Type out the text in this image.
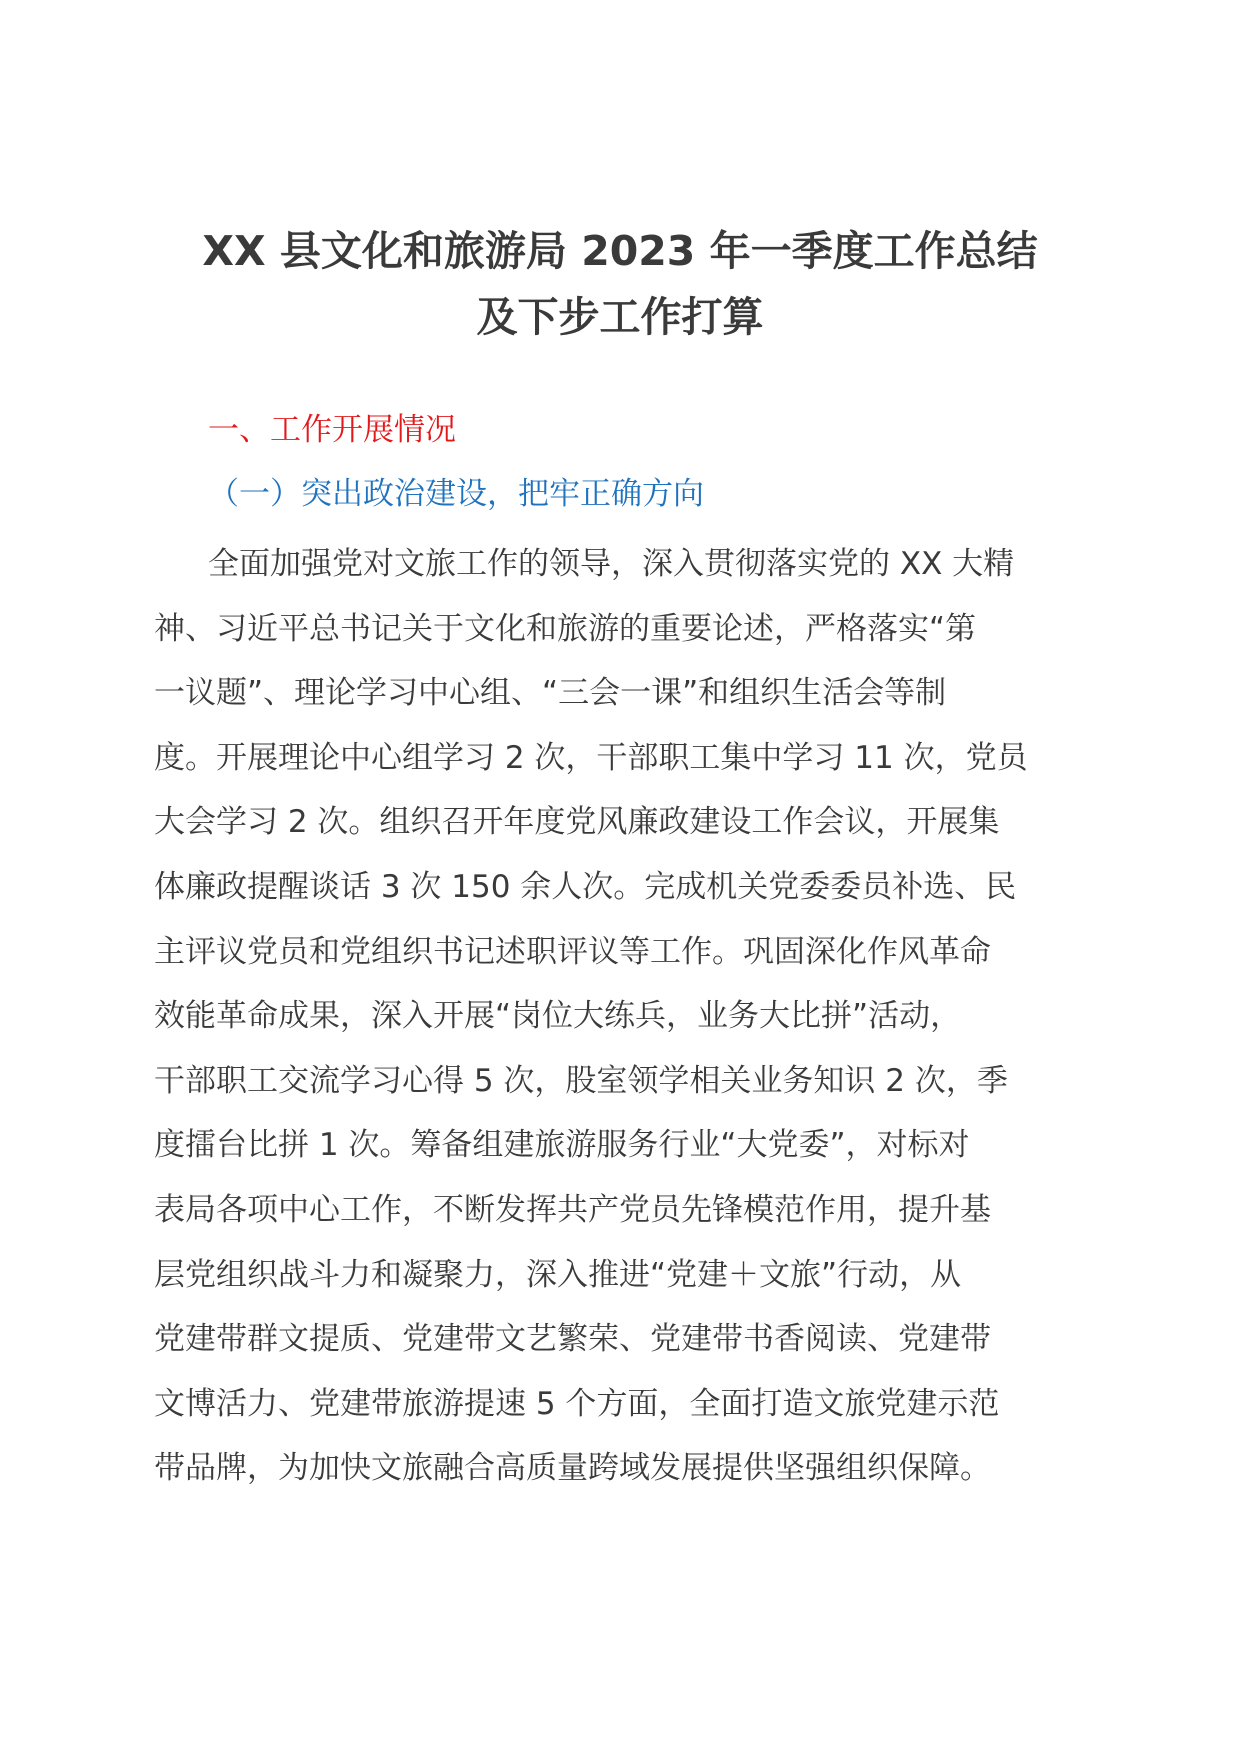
XX 县文化和旅游局 2023 年一季度工作总结
及下步工作打算

一、工作开展情况

（一）突出政治建设，把牢正确方向

全面加强党对文旅工作的领导，深入贯彻落实党的 XX 大精
神、习近平总书记关于文化和旅游的重要论述，严格落实“第
一议题”、理论学习中心组、“三会一课”和组织生活会等制
度。开展理论中心组学习 2 次，干部职工集中学习 11 次，党员
大会学习 2 次。组织召开年度党风廉政建设工作会议，开展集
体廉政提醒谈话 3 次 150 余人次。完成机关党委委员补选、民
主评议党员和党组织书记述职评议等工作。巩固深化作风革命
效能革命成果，深入开展“岗位大练兵，业务大比拼”活动，
干部职工交流学习心得 5 次，股室领学相关业务知识 2 次，季
度擂台比拼 1 次。筹备组建旅游服务行业“大党委”，对标对
表局各项中心工作，不断发挥共产党员先锋模范作用，提升基
层党组织战斗力和凝聚力，深入推进“党建＋文旅”行动，从
党建带群文提质、党建带文艺繁荣、党建带书香阅读、党建带
文博活力、党建带旅游提速 5 个方面，全面打造文旅党建示范
带品牌，为加快文旅融合高质量跨域发展提供坚强组织保障。
